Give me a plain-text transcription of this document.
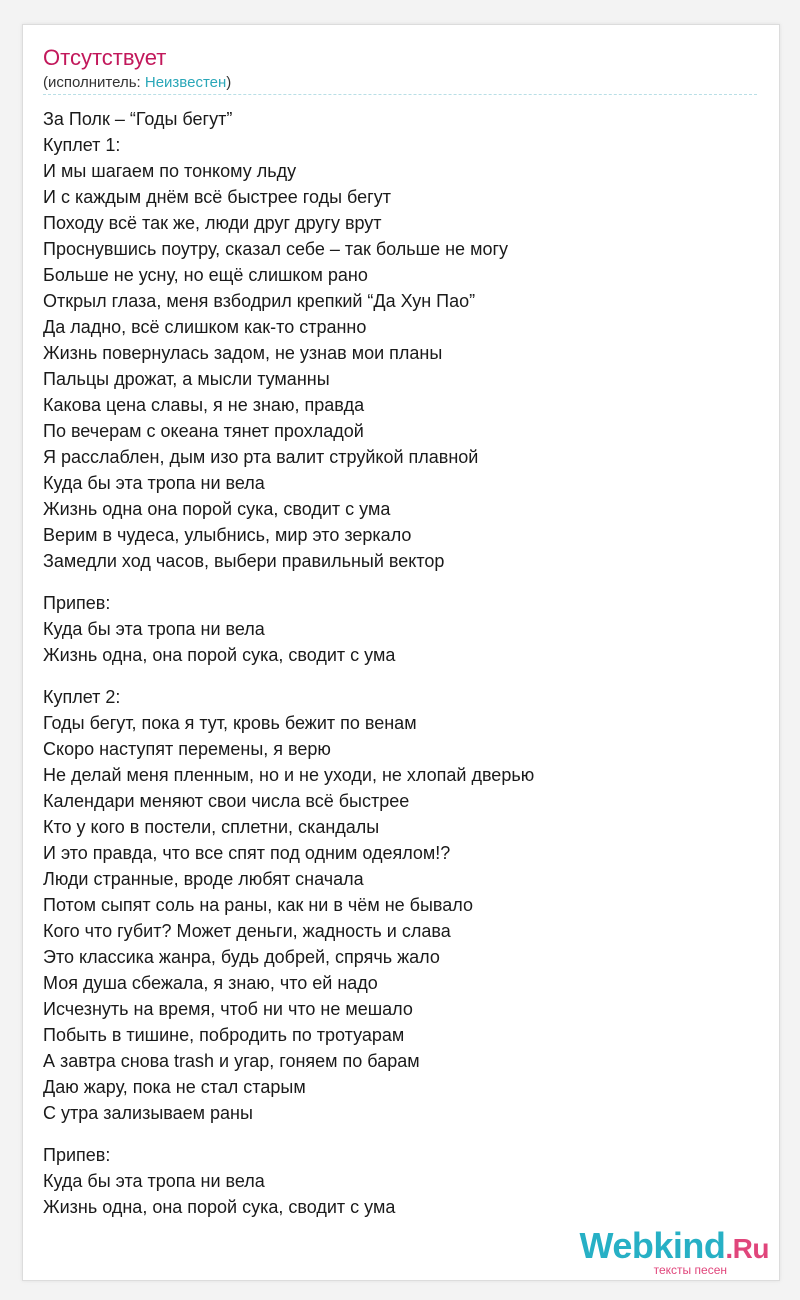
Отсутствует
(исполнитель: Неизвестен)
За Полк – “Годы бегут”
Куплет 1:
И мы шагаем по тонкому льду
И с каждым днём всё быстрее годы бегут
Походу всё так же, люди друг другу врут
Проснувшись поутру, сказал себе – так больше не могу
Больше не усну, но ещё слишком рано
Открыл глаза, меня взбодрил крепкий “Да Хун Пао”
Да ладно, всё слишком как-то странно
Жизнь повернулась задом, не узнав мои планы
Пальцы дрожат, а мысли туманны
Какова цена славы, я не знаю, правда
По вечерам с океана тянет прохладой
Я расслаблен, дым изо рта валит струйкой плавной
Куда бы эта тропа ни вела
Жизнь одна она порой сука, сводит с ума
Верим в чудеса, улыбнись, мир это зеркало
Замедли ход часов, выбери правильный вектор
Припев:
Куда бы эта тропа ни вела
Жизнь одна, она порой сука, сводит с ума
Куплет 2:
Годы бегут, пока я тут, кровь бежит по венам
Скоро наступят перемены, я верю
Не делай меня пленным, но и не уходи, не хлопай дверью
Календари меняют свои числа всё быстрее
Кто у кого в постели, сплетни, скандалы
И это правда, что все спят под одним одеялом!?
Люди странные, вроде любят сначала
Потом сыпят соль на раны, как ни в чём не бывало
Кого что губит? Может деньги, жадность и слава
Это классика жанра, будь добрей, спрячь жало
Моя душа сбежала, я знаю, что ей надо
Исчезнуть на время, чтоб ни что не мешало
Побыть в тишине, побродить по тротуарам
А завтра снова trash и угар, гоняем по барам
Даю жару, пока не стал старым
С утра зализываем раны
Припев:
Куда бы эта тропа ни вела
Жизнь одна, она порой сука, сводит с ума
Webkind.Ru
тексты песен
